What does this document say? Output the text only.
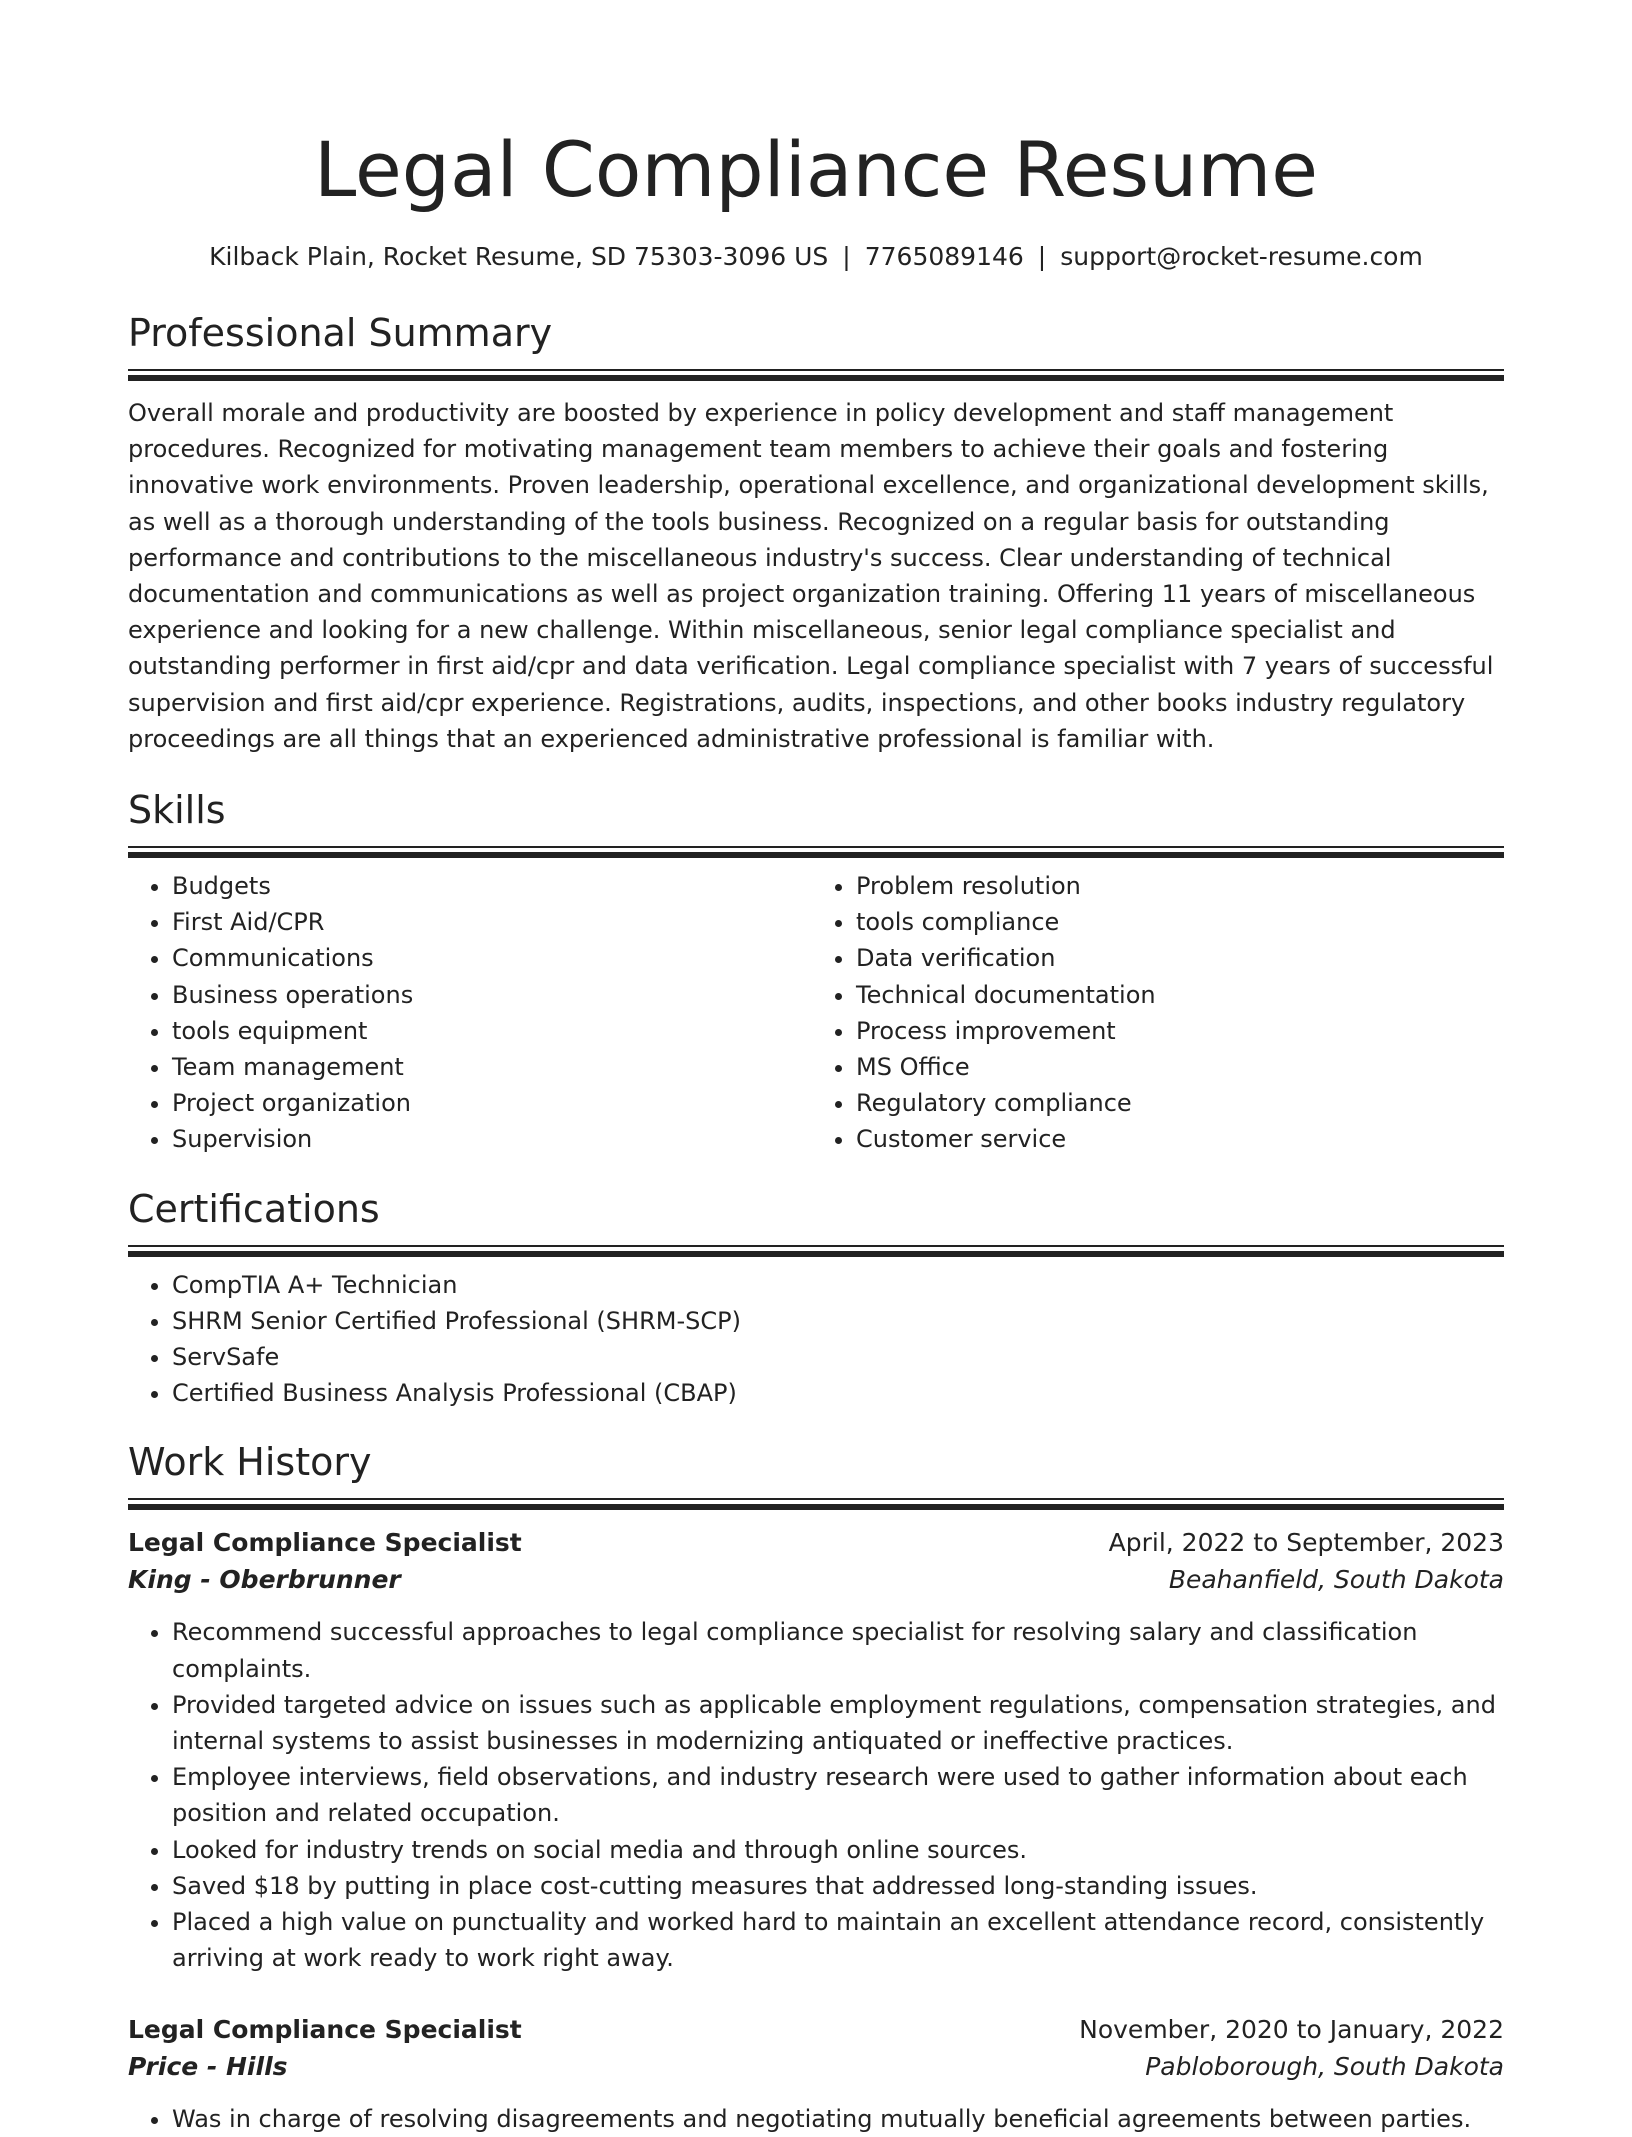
Legal Compliance Resume
Kilback Plain, Rocket Resume, SD 75303-3096 US | 7765089146 | support@rocket-resume.com
Professional Summary

Overall morale and productivity are boosted by experience in policy development and staff management procedures. Recognized for motivating management team members to achieve their goals and fostering innovative work environments. Proven leadership, operational excellence, and organizational development skills, as well as a thorough understanding of the tools business. Recognized on a regular basis for outstanding performance and contributions to the miscellaneous industry's success. Clear understanding of technical documentation and communications as well as project organization training. Offering 11 years of miscellaneous experience and looking for a new challenge. Within miscellaneous, senior legal compliance specialist and outstanding performer in first aid/cpr and data verification. Legal compliance specialist with 7 years of successful supervision and first aid/cpr experience. Registrations, audits, inspections, and other books industry regulatory proceedings are all things that an experienced administrative professional is familiar with.

Skills
• Budgets
• First Aid/CPR
• Communications
• Business operations
• tools equipment
• Team management
• Project organization
• Supervision
• Problem resolution
• tools compliance
• Data verification
• Technical documentation
• Process improvement
• MS Office
• Regulatory compliance
• Customer service
Certifications
• CompTIA A+ Technician
• SHRM Senior Certified Professional (SHRM-SCP)
• ServSafe
• Certified Business Analysis Professional (CBAP)
Work History
Legal Compliance Specialist	April, 2022 to September, 2023
King - Oberbrunner	Beahanfield, South Dakota
• Recommend successful approaches to legal compliance specialist for resolving salary and classification complaints.
• Provided targeted advice on issues such as applicable employment regulations, compensation strategies, and internal systems to assist businesses in modernizing antiquated or ineffective practices.
• Employee interviews, field observations, and industry research were used to gather information about each position and related occupation.
• Looked for industry trends on social media and through online sources.
• Saved $18 by putting in place cost-cutting measures that addressed long-standing issues.
• Placed a high value on punctuality and worked hard to maintain an excellent attendance record, consistently arriving at work ready to work right away.
Legal Compliance Specialist	November, 2020 to January, 2022
Price - Hills	Pabloborough, South Dakota
• Was in charge of resolving disagreements and negotiating mutually beneficial agreements between parties.
